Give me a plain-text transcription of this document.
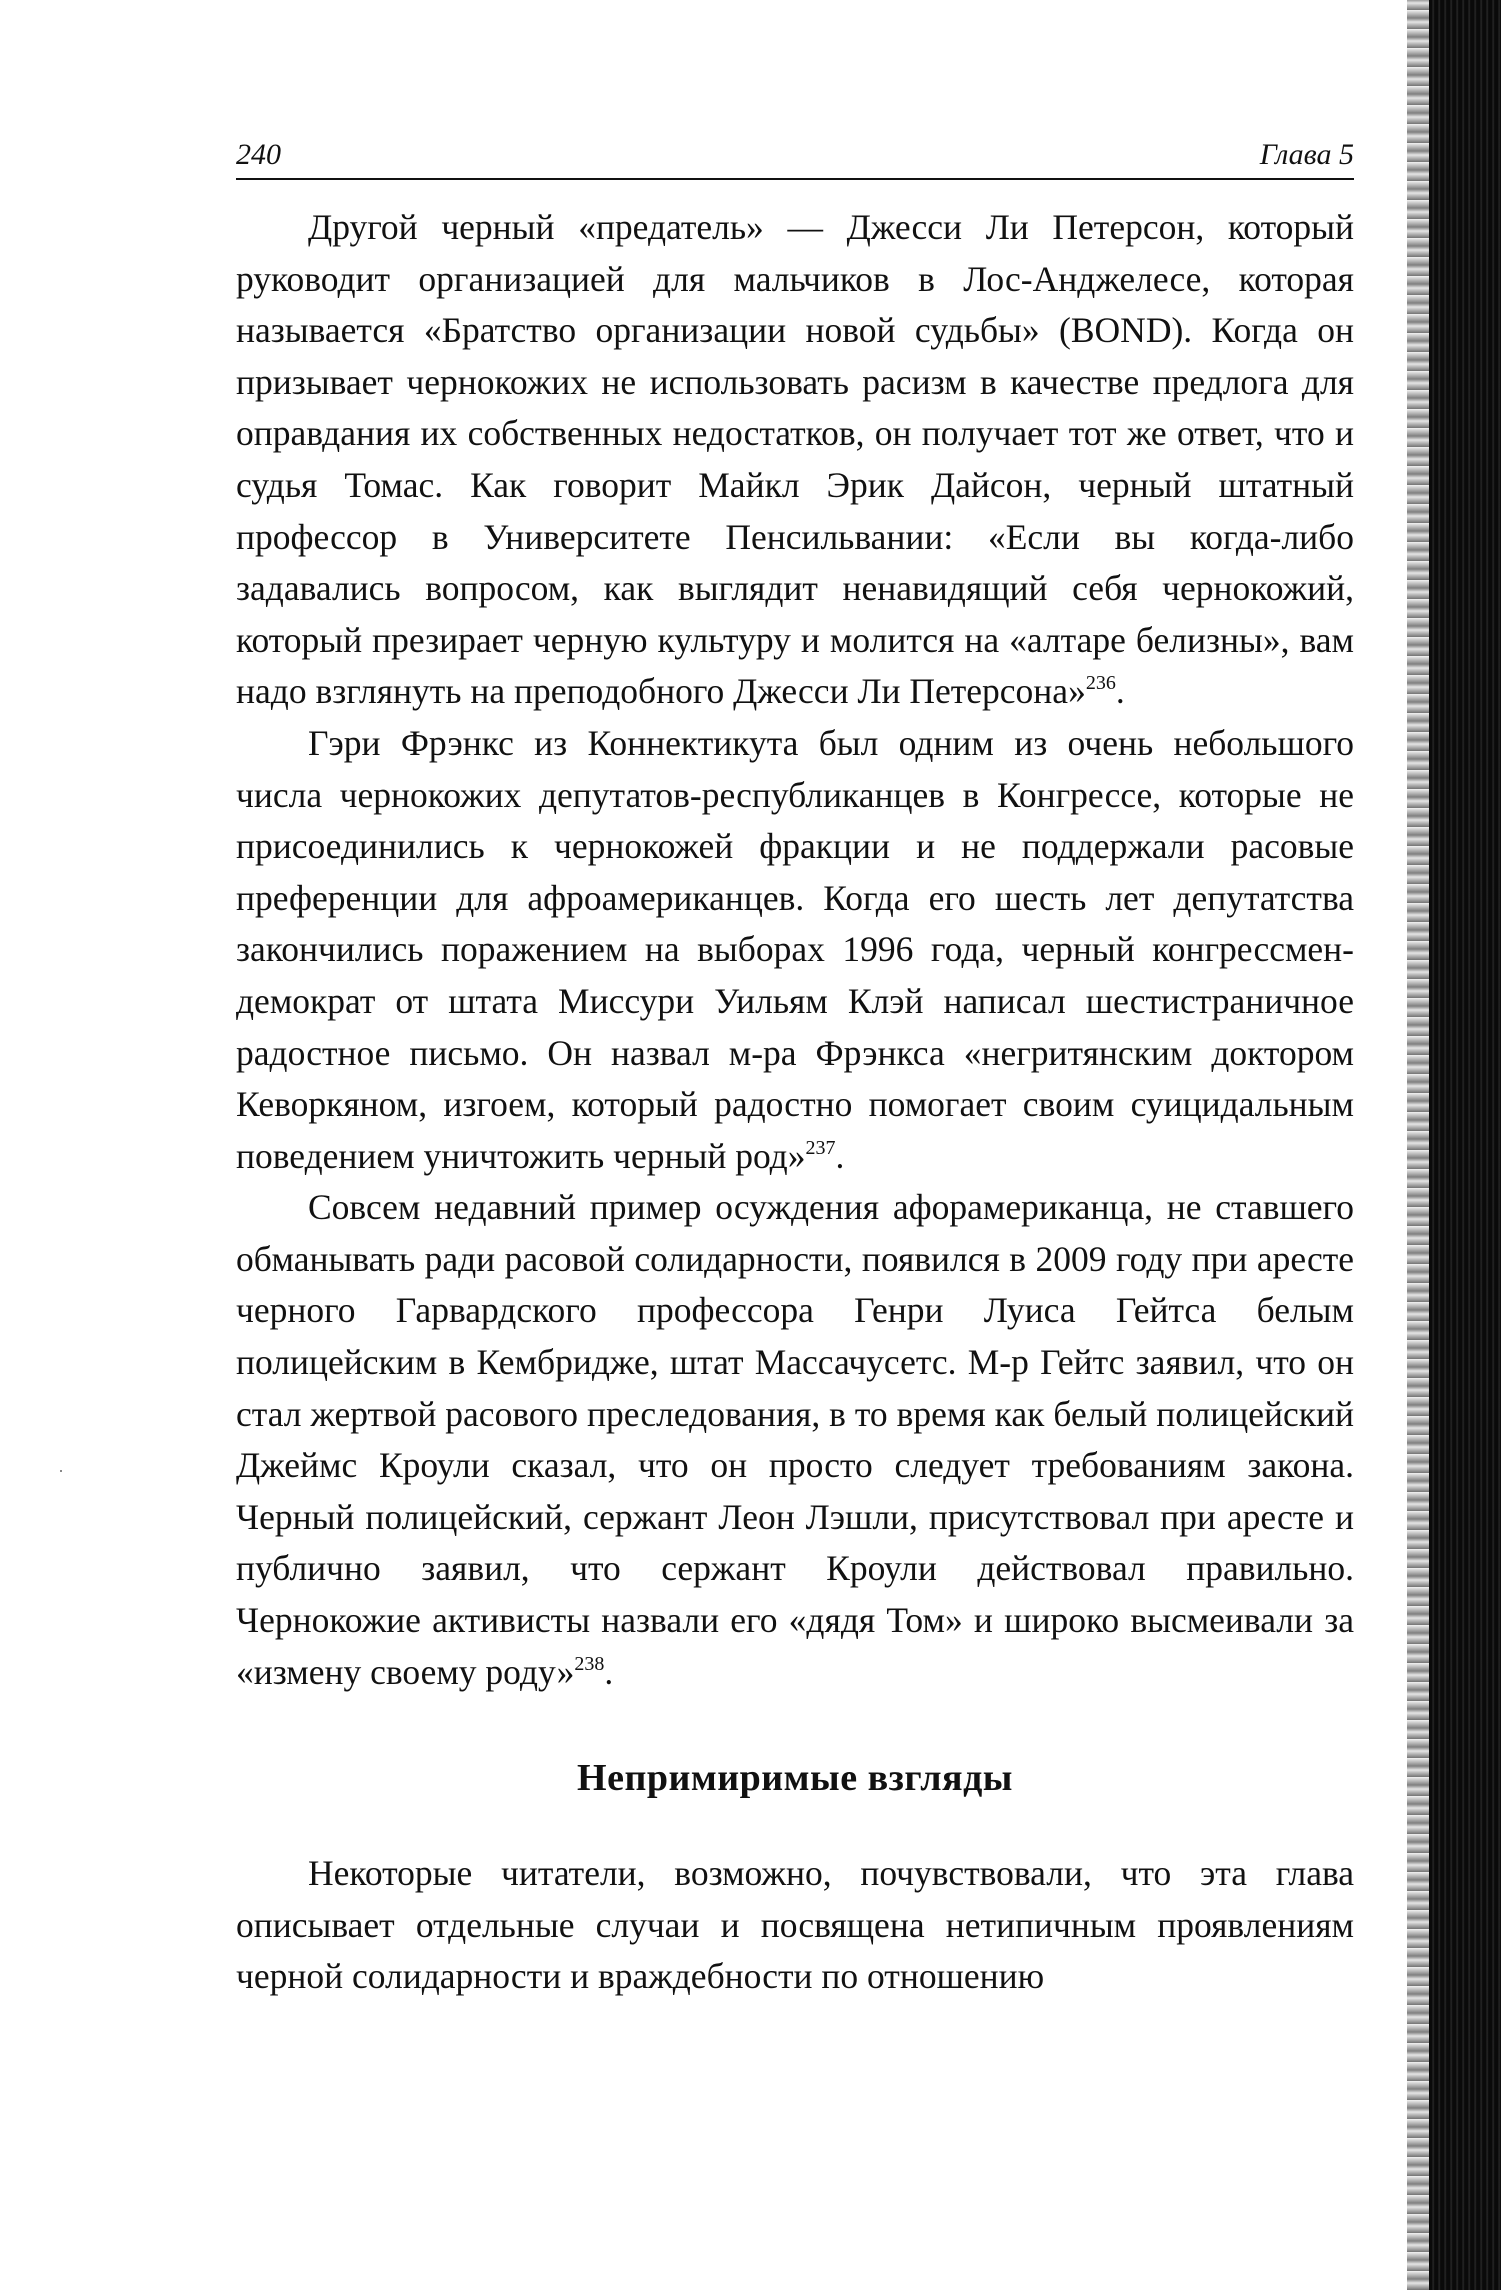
240	Глава 5

Другой черный «предатель» — Джесси Ли Петерсон, который руководит организацией для мальчиков в Лос-Анджелесе, которая называется «Братство организации новой судьбы» (BOND). Когда он призывает чернокожих не использовать расизм в качестве предлога для оправдания их собственных недостатков, он получает тот же ответ, что и судья Томас. Как говорит Майкл Эрик Дайсон, черный штатный профессор в Университете Пенсильвании: «Если вы когда-либо задавались вопросом, как выглядит ненавидящий себя чернокожий, который презирает черную культуру и молится на «алтаре белизны», вам надо взглянуть на преподобного Джесси Ли Петерсона»$^{236}$.

Гэри Фрэнкс из Коннектикута был одним из очень небольшого числа чернокожих депутатов-республиканцев в Конгрессе, которые не присоединились к чернокожей фракции и не поддержали расовые преференции для афроамериканцев. Когда его шесть лет депутатства закончились поражением на выборах 1996 года, черный конгрессмен-демократ от штата Миссури Уильям Клэй написал шестистраничное радостное письмо. Он назвал м-ра Фрэнкса «негритянским доктором Кеворкяном, изгоем, который радостно помогает своим суицидальным поведением уничтожить черный род»$^{237}$.

Совсем недавний пример осуждения афорамериканца, не ставшего обманывать ради расовой солидарности, появился в 2009 году при аресте черного Гарвардского профессора Генри Луиса Гейтса белым полицейским в Кембридже, штат Массачусетс. М-р Гейтс заявил, что он стал жертвой расового преследования, в то время как белый полицейский Джеймс Кроули сказал, что он просто следует требованиям закона. Черный полицейский, сержант Леон Лэшли, присутствовал при аресте и публично заявил, что сержант Кроули действовал правильно. Чернокожие активисты назвали его «дядя Том» и широко высмеивали за «измену своему роду»$^{238}$.

Непримиримые взгляды

Некоторые читатели, возможно, почувствовали, что эта глава описывает отдельные случаи и посвящена нетипичным проявлениям черной солидарности и враждебности по отношению
